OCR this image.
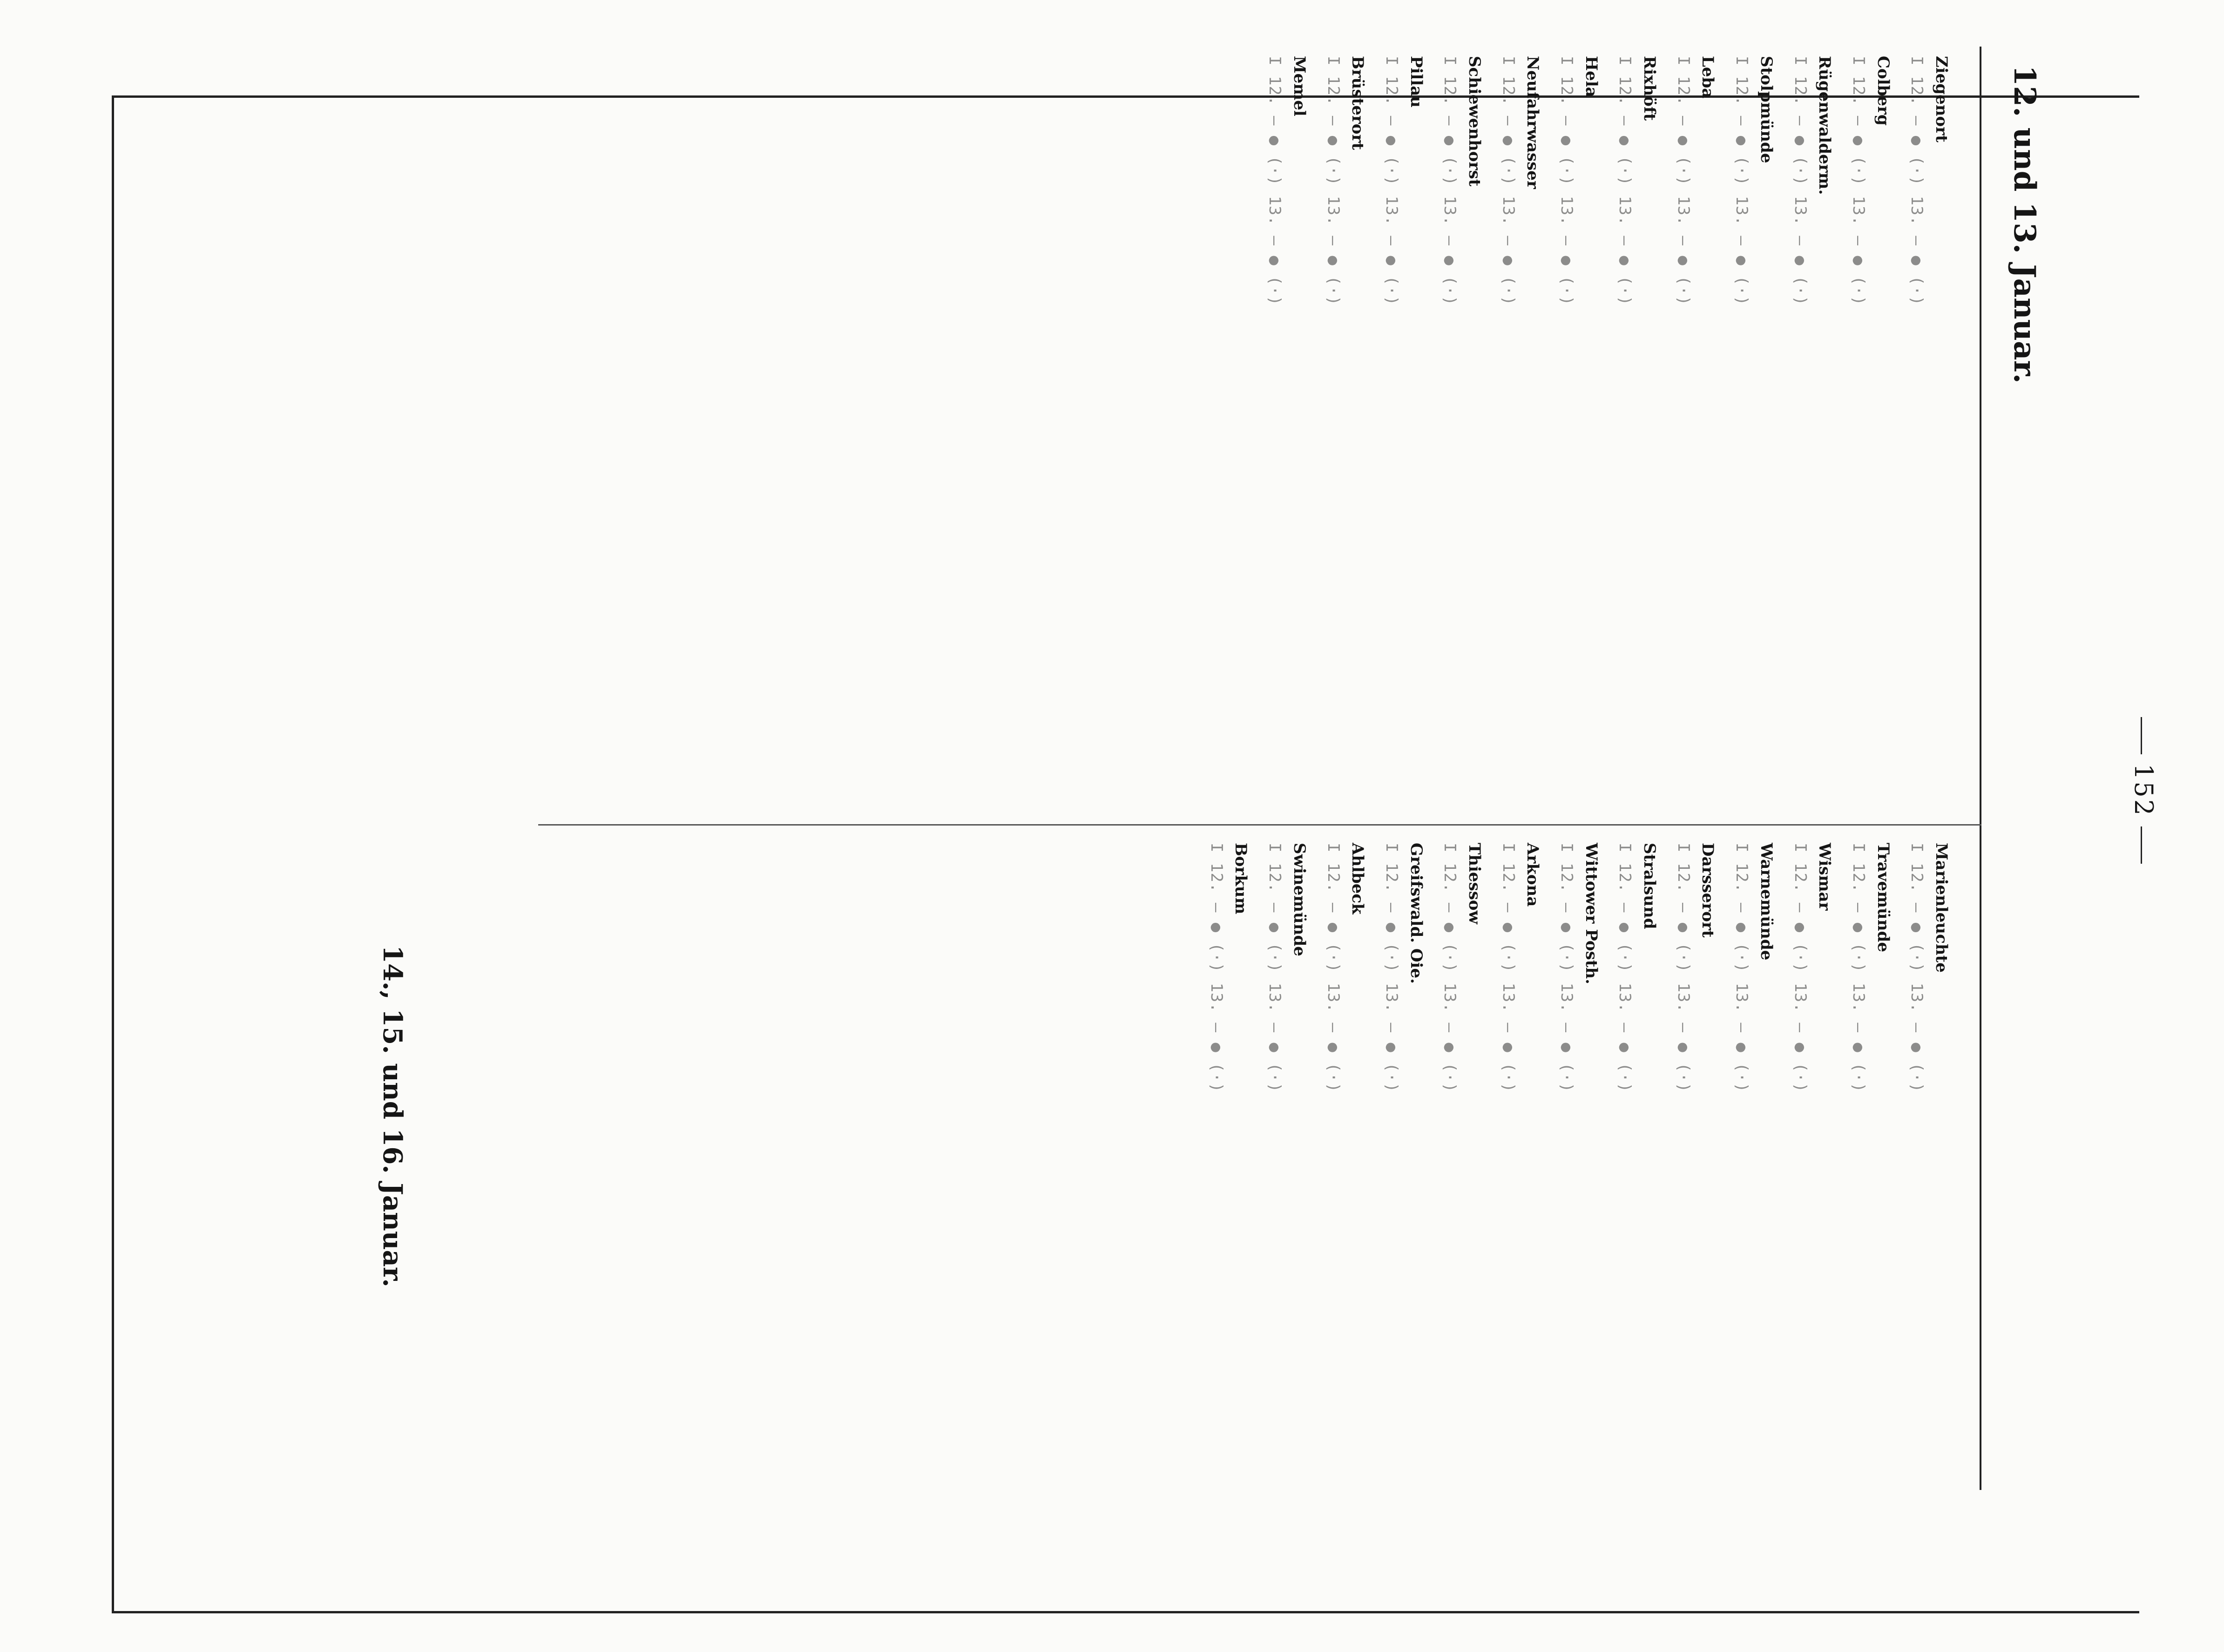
152
12. und 13. Januar.
Ziegenort
I 12. — ● (·) 13. — ● (·)
Colberg
I 12. — ● (·) 13. — ● (·)
Rügenwalderm.
I 12. — ● (·) 13. — ● (·)
Stolpmünde
I 12. — ● (·) 13. — ● (·)
Leba
I 12. — ● (·) 13. — ● (·)
Rixhöft
I 12. — ● (·) 13. — ● (·)
Hela
I 12. — ● (·) 13. — ● (·)
Neufahrwasser
I 12. — ● (·) 13. — ● (·)
Schiewenhorst
I 12. — ● (·) 13. — ● (·)
Pillau
I 12. — ● (·) 13. — ● (·)
Brüsterort
I 12. — ● (·) 13. — ● (·)
Memel
I 12. — ● (·) 13. — ● (·)
Marienleuchte
I 12. — ● (·) 13. — ● (·)
Travemünde
I 12. — ● (·) 13. — ● (·)
Wismar
I 12. — ● (·) 13. — ● (·)
Warnemünde
I 12. — ● (·) 13. — ● (·)
Darsserort
I 12. — ● (·) 13. — ● (·)
Stralsund
I 12. — ● (·) 13. — ● (·)
Wittower Posth.
I 12. — ● (·) 13. — ● (·)
Arkona
I 12. — ● (·) 13. — ● (·)
Thiessow
I 12. — ● (·) 13. — ● (·)
Greifswald. Oie.
I 12. — ● (·) 13. — ● (·)
Ahlbeck
I 12. — ● (·) 13. — ● (·)
Swinemünde
I 12. — ● (·) 13. — ● (·)
Borkum
I 12. — ● (·) 13. — ● (·)
14., 15. und 16. Januar.
